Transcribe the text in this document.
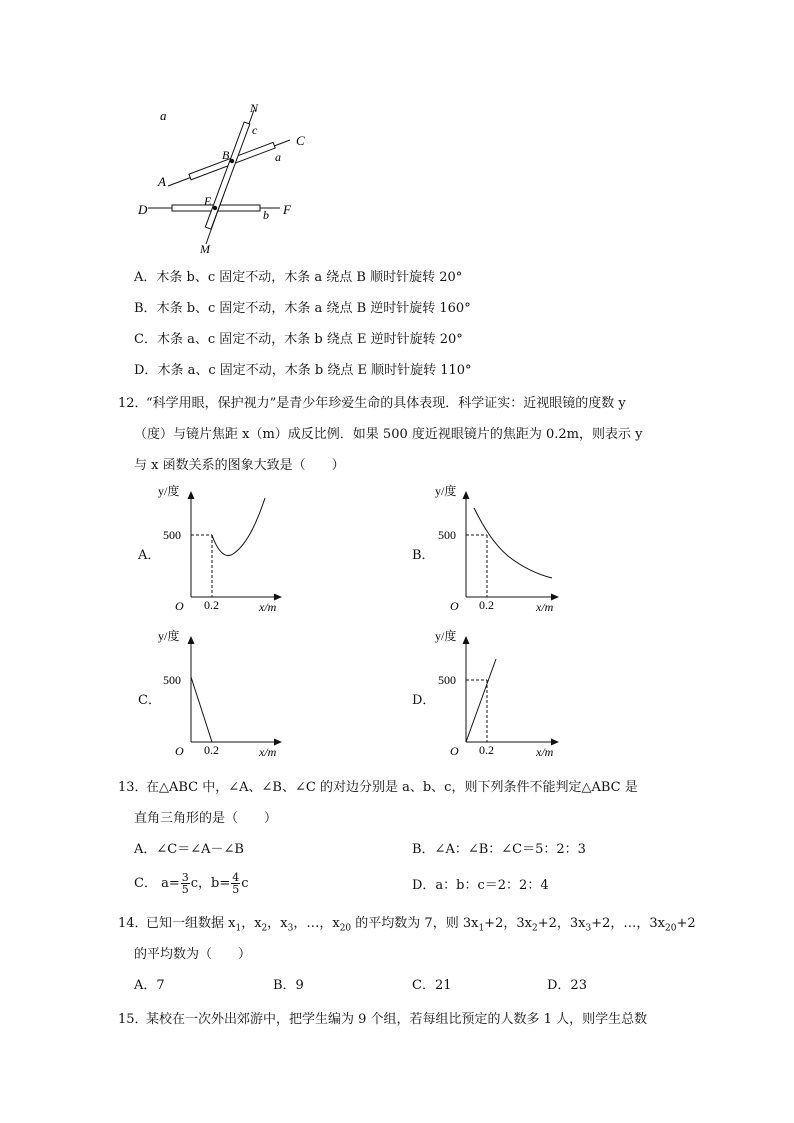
a	N
c
C
B	a
A
E
D	F
b
M
A．木条 b、c 固定不动，木条 a 绕点 B 顺时针旋转 20°
B．木条 b、c 固定不动，木条 a 绕点 B 逆时针旋转 160°
C．木条 a、c 固定不动，木条 b 绕点 E 逆时针旋转 20°
D．木条 a、c 固定不动，木条 b 绕点 E 顺时针旋转 110°
12．
“科学用眼，保护视力”是青少年珍爱生命的具体表现．科学证实：近视眼镜的度数 y
（度）与镜片焦距 x（m）成反比例．如果 500 度近视眼镜片的焦距为 0.2m，则表示 y
与 x 函数关系的图象大致是（　　）
A．
y/度
500
O 0.2	x/m
B．
y/度
500
O 0.2	x/m
C．
y/度
500
O 0.2	x/m
D．
y/度
500
O 0.2	x/m
13．
在△ABC 中，∠A、∠B、∠C 的对边分别是 a、b、c，则下列条件不能判定△ABC 是
直角三角形的是（　　）
A．∠C＝∠A－∠B	B．∠A：∠B：∠C＝5：2：3
C． $a= \frac{3}{5}$ c，$b= \frac{4}{5}$ c	D．a：b：c＝2：2：4
14．
已知一组数据 $x_1$，$x_2$，$x_3$，…，$x_{20}$ 的平均数为 7，则 $3x_1+2$，$3x_2+2$，$3x_3+2$，…，$3x_{20}+2$
的平均数为（　　）
A．7	B．9	C．21	D．23
15．
某校在一次外出郊游中，把学生编为 9 个组，若每组比预定的人数多 1 人，则学生总数
